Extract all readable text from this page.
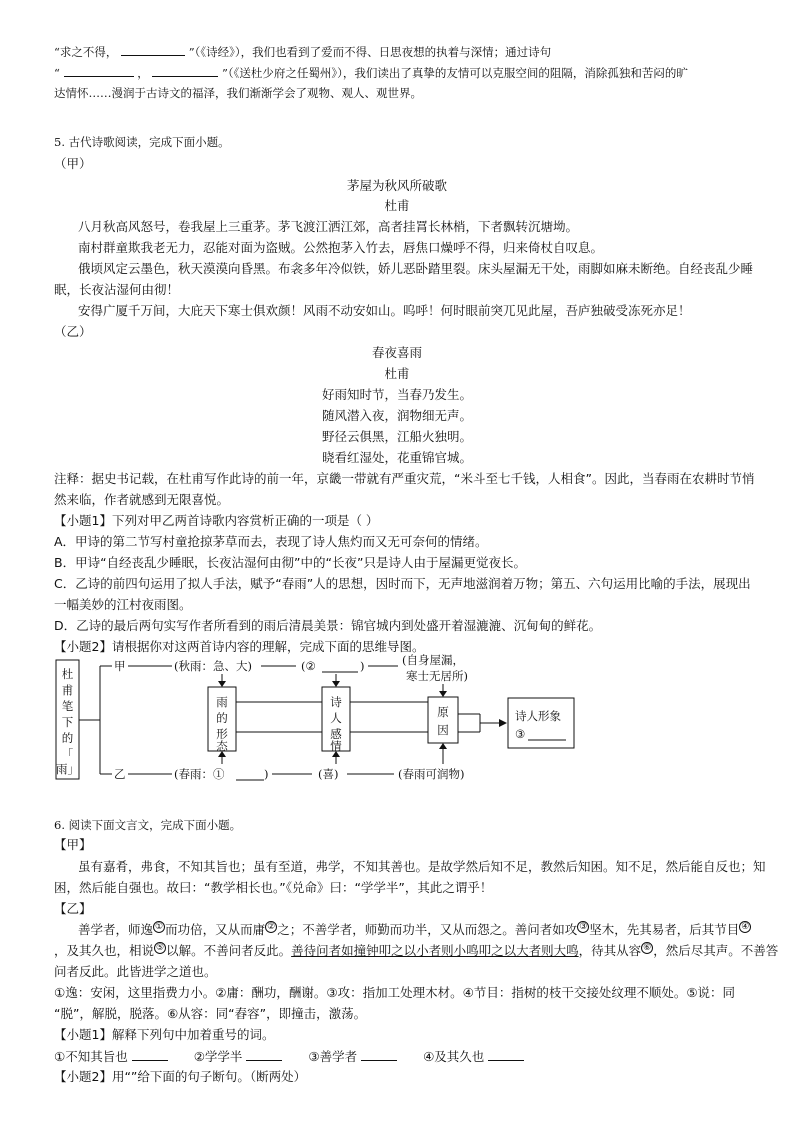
“求之不得，	”（《诗经》），我们也看到了爱而不得、日思夜想的执着与深情；通过诗句
“	，	”（《送杜少府之任蜀州》），我们读出了真挚的友情可以克服空间的阻隔，消除孤独和苦闷的旷
达情怀……漫润于古诗文的福泽，我们渐渐学会了观物、观人、观世界。
5. 古代诗歌阅读，完成下面小题。
（甲）
茅屋为秋风所破歌
杜甫
八月秋高风怒号，卷我屋上三重茅。茅飞渡江洒江郊，高者挂罥长林梢，下者飘转沉塘坳。
南村群童欺我老无力，忍能对面为盗贼。公然抱茅入竹去，唇焦口燥呼不得，归来倚杖自叹息。
俄顷风定云墨色，秋天漠漠向昏黑。布衾多年冷似铁，娇儿恶卧踏里裂。床头屋漏无干处，雨脚如麻未断绝。自经丧乱少睡
眠，长夜沾湿何由彻！
安得广厦千万间，大庇天下寒士俱欢颜！风雨不动安如山。呜呼！何时眼前突兀见此屋，吾庐独破受冻死亦足！
（乙）
春夜喜雨
杜甫
好雨知时节，当春乃发生。
随风潜入夜，润物细无声。
野径云俱黑，江船火独明。
晓看红湿处，花重锦官城。
注释：据史书记载，在杜甫写作此诗的前一年，京畿一带就有严重灾荒，“米斗至七千钱，人相食”。因此，当春雨在农耕时节悄
然来临，作者就感到无限喜悦。
【小题1】下列对甲乙两首诗歌内容赏析正确的一项是（ ）
A．甲诗的第二节写村童抢掠茅草而去，表现了诗人焦灼而又无可奈何的情绪。
B．甲诗“自经丧乱少睡眠，长夜沾湿何由彻”中的“长夜”只是诗人由于屋漏更觉夜长。
C．乙诗的前四句运用了拟人手法，赋予“春雨”人的思想，因时而下，无声地滋润着万物；第五、六句运用比喻的手法，展现出
一幅美妙的江村夜雨图。
D．乙诗的最后两句实写作者所看到的雨后清晨美景：锦官城内到处盛开着湿漉漉、沉甸甸的鲜花。
【小题2】请根据你对这两首诗内容的理解，完成下面的思维导图。
杜
甫
笔
下
的
「
雨」
甲	(秋雨：急、大)	(②	)	(自身屋漏，
寒士无居所)
乙	(春雨：①	)	(喜)	(春雨可润物)
雨
的
形
态
诗
人
感
情
原
因
诗人形象
③
6. 阅读下面文言文，完成下面小题。
【甲】
虽有嘉肴，弗食，不知其旨也；虽有至道，弗学，不知其善也。是故学然后知不足，教然后知困。知不足，然后能自反也；知
困，然后能自强也。故曰：“教学相长也。”《兑命》曰：“学学半”，其此之谓乎！
【乙】
善学者，师逸 ① 而功倍，又从而庸 ② 之；不善学者，师勤而功半，又从而怨之。善问者如攻 ③ 坚木，先其易者，后其节目 ④
，及其久也，相说 ⑤ 以解。不善问者反此。善待问者如撞钟叩之以小者则小鸣叩之以大者则大鸣，待其从容 ⑥ ，然后尽其声。不善答
问者反此。此皆进学之道也。
①逸：安闲，这里指费力小。②庸：酬功，酬谢。③攻：指加工处理木材。④节目：指树的枝干交接处纹理不顺处。⑤说：同
“脱”，解脱，脱落。⑥从容：同“舂容”，即撞击，激荡。
【小题1】解释下列句中加着重号的词。
①不知其旨也	②学学半	③善学者	④及其久也
【小题2】用“”给下面的句子断句。（断两处）
